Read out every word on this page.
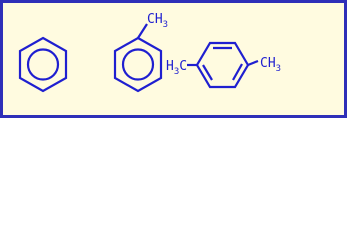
$CH_3$
$H_3C$	$CH_3$
